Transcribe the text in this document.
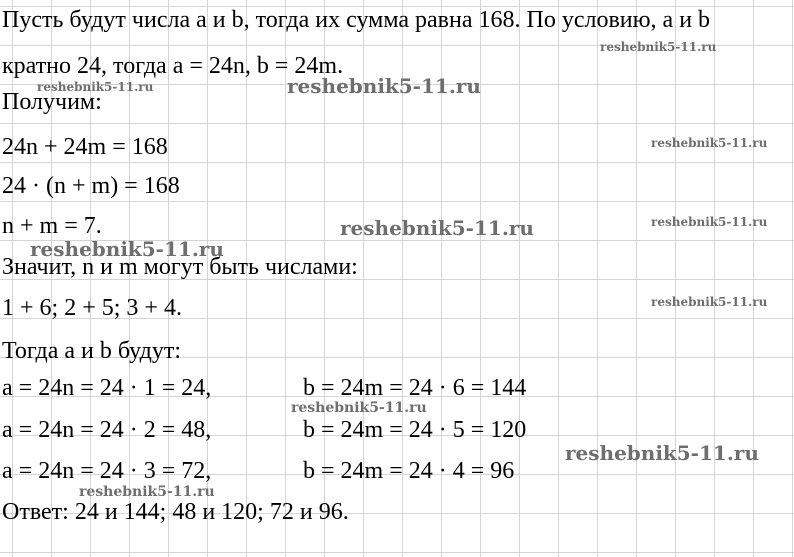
Пусть будут числа a и b, тогда их сумма равна 168. По условию, a и b
кратно 24, тогда a = 24n, b = 24m.
Получим:
24n + 24m = 168
24 · (n + m) = 168
n + m = 7.
Значит, n и m могут быть числами:
1 + 6; 2 + 5; 3 + 4.
Тогда a и b будут:
a = 24n = 24 · 1 = 24,	b = 24m = 24 · 6 = 144
a = 24n = 24 · 2 = 48,	b = 24m = 24 · 5 = 120
a = 24n = 24 · 3 = 72,	b = 24m = 24 · 4 = 96
Ответ: 24 и 144; 48 и 120; 72 и 96.
reshebnik5-11.ru
reshebnik5-11.ru	reshebnik5-11.ru
reshebnik5-11.ru
reshebnik5-11.ru	reshebnik5-11.ru
reshebnik5-11.ru
reshebnik5-11.ru
reshebnik5-11.ru
reshebnik5-11.ru
reshebnik5-11.ru
